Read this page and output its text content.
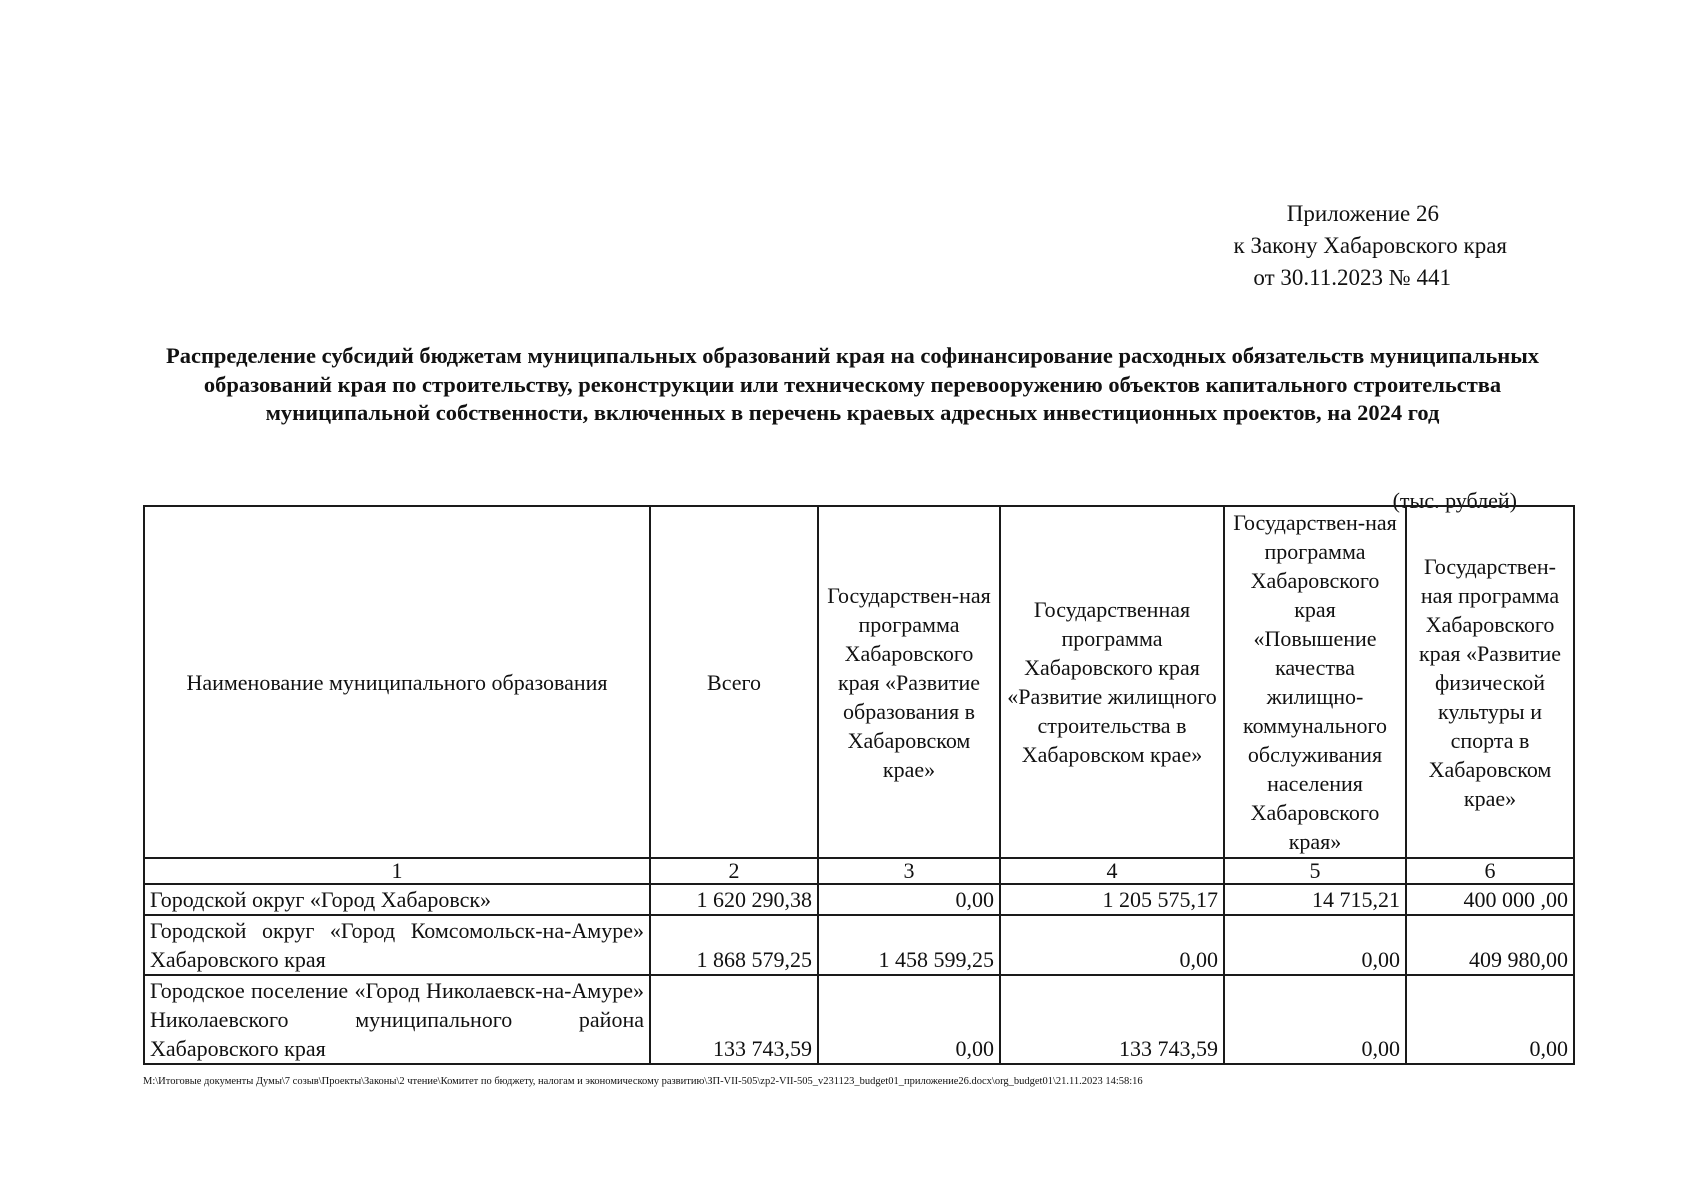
Приложение 26
к Закону Хабаровского края
от 30.11.2023 № 441
Распределение субсидий бюджетам муниципальных образований края на софинансирование расходных обязательств муниципальных образований края по строительству, реконструкции или техническому перевооружению объектов капитального строительства муниципальной собственности, включенных в перечень краевых адресных инвестиционных проектов, на 2024 год
(тыс. рублей)
Наименование муниципального образования	Всего	Государствен-ная программа Хабаровского края «Развитие образования в Хабаровском крае»	Государственная программа Хабаровского края «Развитие жилищного строительства в Хабаровском крае»	Государствен-ная программа Хабаровского края «Повышение качества жилищно-коммунального обслуживания населения Хабаровского края»	Государствен-ная программа Хабаровского края «Развитие физической культуры и спорта в Хабаровском крае»
1	2	3	4	5	6
Городской округ «Город Хабаровск»	1 620 290,38	0,00	1 205 575,17	14 715,21	400 000 ,00
Городской округ «Город Комсомольск-на-Амуре» Хабаровского края	1 868 579,25	1 458 599,25	0,00	0,00	409 980,00
Городское поселение «Город Николаевск-на-Амуре» Николаевского муниципального района Хабаровского края	133 743,59	0,00	133 743,59	0,00	0,00
М:\Итоговые документы Думы\7 созыв\Проекты\Законы\2 чтение\Комитет по бюджету, налогам и экономическому развитию\ЗП-VII-505\zp2-VII-505_v231123_budget01_приложение26.docx\org_budget01\21.11.2023 14:58:16
